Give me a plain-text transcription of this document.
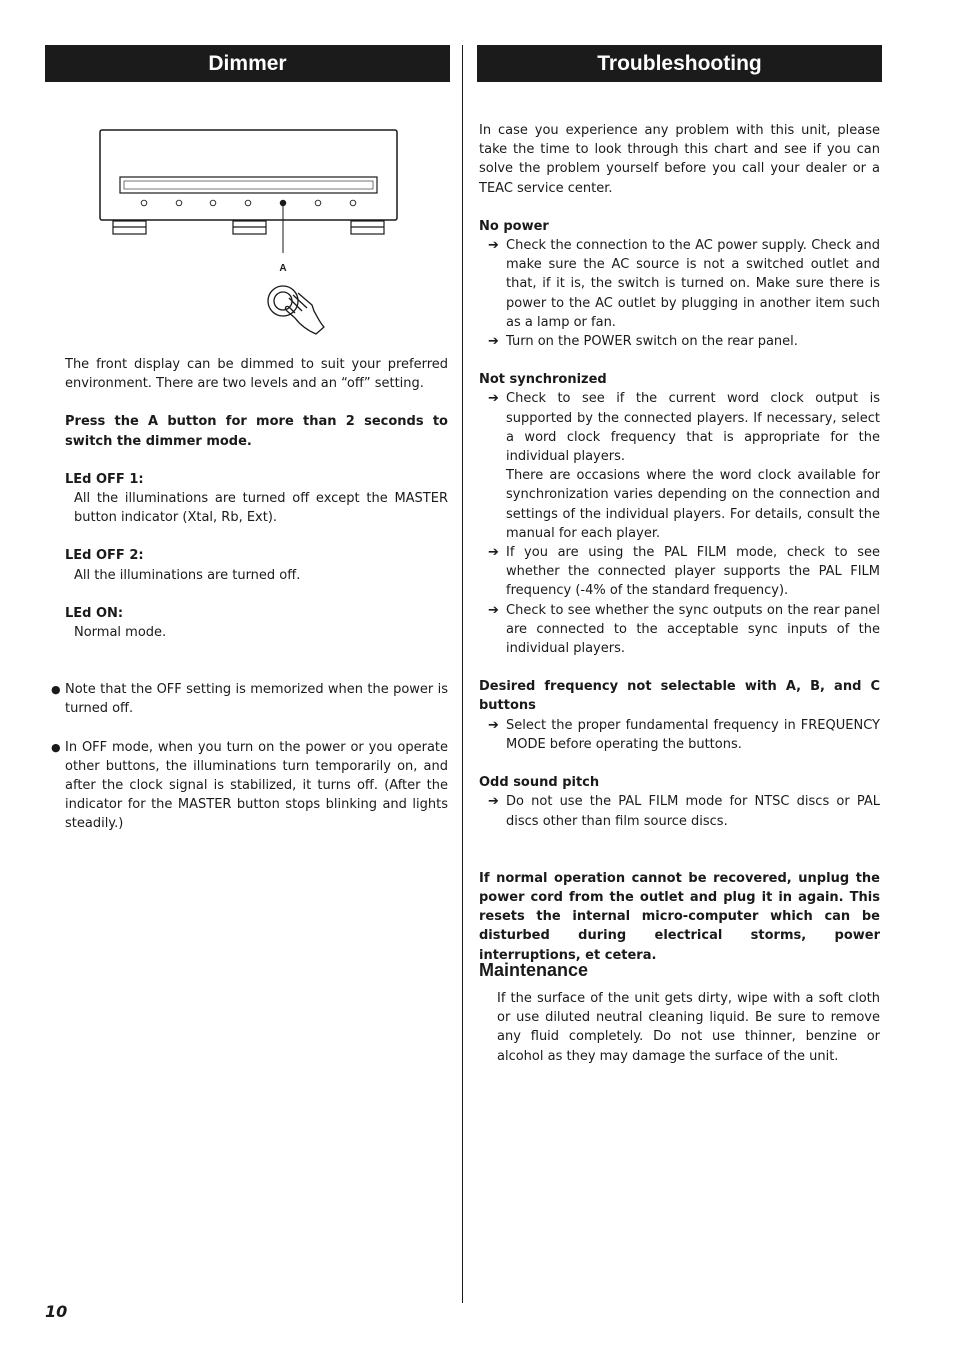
Dimmer	Troubleshooting
A

The front display can be dimmed to suit your preferred environment. There are two levels and an “off” setting.

Press the A button for more than 2 seconds to switch the dimmer mode.

LEd OFF 1:

All the illuminations are turned off except the MASTER button indicator (Xtal, Rb, Ext).

LEd OFF 2:

All the illuminations are turned off.

LEd ON:

Normal mode.

● Note that the OFF setting is memorized when the power is turned off.

● In OFF mode, when you turn on the power or you operate other buttons, the illuminations turn temporarily on, and after the clock signal is stabilized, it turns off. (After the indicator for the MASTER button stops blinking and lights steadily.)

In case you experience any problem with this unit, please take the time to look through this chart and see if you can solve the problem yourself before you call your dealer or a TEAC service center.

No power

➔ Check the connection to the AC power supply. Check and make sure the AC source is not a switched outlet and that, if it is, the switch is turned on. Make sure there is power to the AC outlet by plugging in another item such as a lamp or fan.

➔ Turn on the POWER switch on the rear panel.

Not synchronized

➔ Check to see if the current word clock output is supported by the connected players. If necessary, select a word clock frequency that is appropriate for the individual players.

There are occasions where the word clock available for synchronization varies depending on the connection and settings of the individual players. For details, consult the manual for each player.

➔ If you are using the PAL FILM mode, check to see whether the connected player supports the PAL FILM frequency (-4% of the standard frequency).

➔ Check to see whether the sync outputs on the rear panel are connected to the acceptable sync inputs of the individual players.

Desired frequency not selectable with A, B, and C buttons

➔ Select the proper fundamental frequency in FREQUENCY MODE before operating the buttons.

Odd sound pitch

➔ Do not use the PAL FILM mode for NTSC discs or PAL discs other than film source discs.

If normal operation cannot be recovered, unplug the power cord from the outlet and plug it in again. This resets the internal micro-computer which can be disturbed during electrical storms, power interruptions, et cetera.

Maintenance
If the surface of the unit gets dirty, wipe with a soft cloth or use diluted neutral cleaning liquid. Be sure to remove any fluid completely. Do not use thinner, benzine or alcohol as they may damage the surface of the unit.
10
